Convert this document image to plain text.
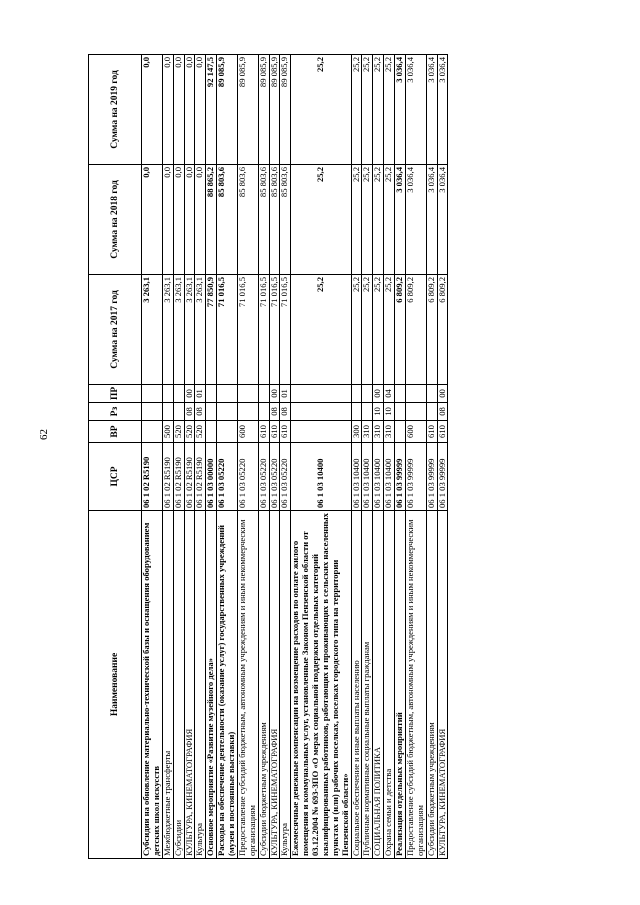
62
Наименование	ЦСР	ВР	Рз	ПР	Сумма на 2017 год	Сумма на 2018 год	Сумма на 2019 год
Субсидии на обновление материально-технической базы и оснащения оборудованием детских школ искусств	06 1 02 R5190				3 263,1	0,0	0,0
Межбюджетные трансферты	06 1 02 R5190	500			3 263,1	0,0	0,0
Субсидии	06 1 02 R5190	520			3 263,1	0,0	0,0
КУЛЬТУРА, КИНЕМАТОГРАФИЯ	06 1 02 R5190	520	08	00	3 263,1	0,0	0,0
Культура	06 1 02 R5190	520	08	01	3 263,1	0,0	0,0
Основное мероприятие «Развитие музейного дела»	06 1 03 00000				77 850,9	88 865,2	92 147,5
Расходы на обеспечение деятельности (оказание услуг) государственных учреждений (музеи и постоянные выставки)	06 1 03 05220				71 016,5	85 803,6	89 085,9
Предоставление субсидий бюджетным, автономным учреждениям и иным некоммерческим организациям	06 1 03 05220	600			71 016,5	85 803,6	89 085,9
Субсидии бюджетным учреждениям	06 1 03 05220	610			71 016,5	85 803,6	89 085,9
КУЛЬТУРА, КИНЕМАТОГРАФИЯ	06 1 03 05220	610	08	00	71 016,5	85 803,6	89 085,9
Культура	06 1 03 05220	610	08	01	71 016,5	85 803,6	89 085,9
Ежемесячные денежные компенсации на возмещение расходов по оплате жилого помещения и коммунальных услуг, установленные Законом Пензенской области от 03.12.2004 № 693-ЗПО «О мерах социальной поддержки отдельных категорий квалифицированных работников, работающих и проживающих в сельских населенных пунктах и (или) рабочих поселках, поселках городского типа на территории Пензенской области»	06 1 03 10400				25,2	25,2	25,2
Социальное обеспечение и иные выплаты населению	06 1 03 10400	300			25,2	25,2	25,2
Публичные нормативные социальные выплаты гражданам	06 1 03 10400	310			25,2	25,2	25,2
СОЦИАЛЬНАЯ ПОЛИТИКА	06 1 03 10400	310	10	00	25,2	25,2	25,2
Охрана семьи и детства	06 1 03 10400	310	10	04	25,2	25,2	25,2
Реализация отдельных мероприятий	06 1 03 99999				6 809,2	3 036,4	3 036,4
Предоставление субсидий бюджетным, автономным учреждениям и иным некоммерческим организациям	06 1 03 99999	600			6 809,2	3 036,4	3 036,4
Субсидии бюджетным учреждениям	06 1 03 99999	610			6 809,2	3 036,4	3 036,4
КУЛЬТУРА, КИНЕМАТОГРАФИЯ	06 1 03 99999	610	08	00	6 809,2	3 036,4	3 036,4
